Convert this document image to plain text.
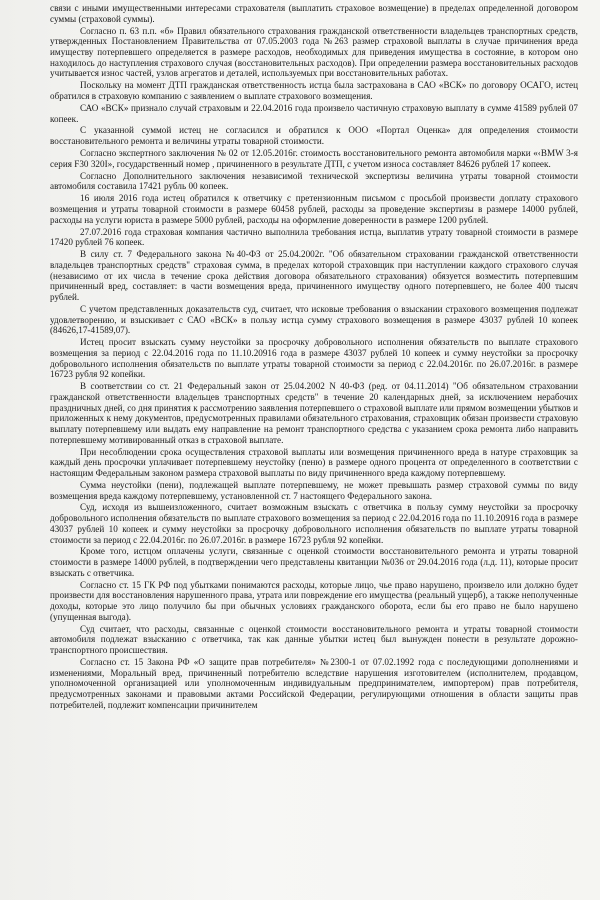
связи с иными имущественными интересами страхователя (выплатить страховое возмещение) в пределах определенной договором суммы (страховой суммы).

Согласно п. 63 п.п. «б» Правил обязательного страхования гражданской ответственности владельцев транспортных средств, утвержденных Постановлением Правительства от 07.05.2003 года №263 размер страховой выплаты в случае причинения вреда имуществу потерпевшего определяется в размере расходов, необходимых для приведения имущества в состояние, в котором оно находилось до наступления страхового случая (восстановительных расходов). При определении размера восстановительных расходов учитывается износ частей, узлов агрегатов и деталей, используемых при восстановительных работах.

Поскольку на момент ДТП гражданская ответственность истца была застрахована в САО «ВСК» по договору ОСАГО, истец обратился в страховую компанию с заявлением о выплате страхового возмещения.

САО «ВСК» признало случай страховым и 22.04.2016 года произвело частичную страховую выплату в сумме 41589 рублей 07 копеек.

С указанной суммой истец не согласился и обратился к ООО «Портал Оценка» для определения стоимости восстановительного ремонта и величины утраты товарной стоимости.

Согласно экспертного заключения № 02 от 12.05.2016г. стоимость восстановительного ремонта автомобиля марки «‹BMW 3-я серия F30 320I», государственный номер , причиненного в результате ДТП, с учетом износа составляет 84626 рублей 17 копеек.

Согласно Дополнительного заключения независимой технической экспертизы величина утраты товарной стоимости автомобиля составила 17421 рубль 00 копеек.

16 июля 2016 года истец обратился к ответчику с претензионным письмом с просьбой произвести доплату страхового возмещения и утраты товарной стоимости в размере 60458 рублей, расходы за проведение экспертизы в размере 14000 рублей, расходы на услуги юриста в размере 5000 рублей, расходы на оформление доверенности в размере 1200 рублей.

27.07.2016 года страховая компания частично выполнила требования истца, выплатив утрату товарной стоимости в размере 17420 рублей 76 копеек.

В силу ст. 7 Федерального закона №40-ФЗ от 25.04.2002г. "Об обязательном страховании гражданской ответственности владельцев транспортных средств" страховая сумма, в пределах которой страховщик при наступлении каждого страхового случая (независимо от их числа в течение срока действия договора обязательного страхования) обязуется возместить потерпевшим причиненный вред, составляет: в части возмещения вреда, причиненного имуществу одного потерпевшего, не более 400 тысяч рублей.

С учетом представленных доказательств суд, считает, что исковые требования о взыскании страхового возмещения подлежат удовлетворению, и взыскивает с САО «ВСК» в пользу истца сумму страхового возмещения в размере 43037 рублей 10 копеек (84626,17-41589,07).

Истец просит взыскать сумму неустойки за просрочку добровольного исполнения обязательств по выплате страхового возмещения за период с 22.04.2016 года по 11.10.20916 года в размере 43037 рублей 10 копеек и сумму неустойки за просрочку добровольного исполнения обязательств по выплате утраты товарной стоимости за период с 22.04.2016г. по 26.07.2016г. в размере 16723 рубля 92 копейки.

В соответствии со ст. 21 Федеральный закон от 25.04.2002 N 40-ФЗ (ред. от 04.11.2014) "Об обязательном страховании гражданской ответственности владельцев транспортных средств" в течение 20 календарных дней, за исключением нерабочих праздничных дней, со дня принятия к рассмотрению заявления потерпевшего о страховой выплате или прямом возмещении убытков и приложенных к нему документов, предусмотренных правилами обязательного страхования, страховщик обязан произвести страховую выплату потерпевшему или выдать ему направление на ремонт транспортного средства с указанием срока ремонта либо направить потерпевшему мотивированный отказ в страховой выплате.

При несоблюдении срока осуществления страховой выплаты или возмещения причиненного вреда в натуре страховщик за каждый день просрочки уплачивает потерпевшему неустойку (пеню) в размере одного процента от определенного в соответствии с настоящим Федеральным законом размера страховой выплаты по виду причиненного вреда каждому потерпевшему.

Сумма неустойки (пени), подлежащей выплате потерпевшему, не может превышать размер страховой суммы по виду возмещения вреда каждому потерпевшему, установленной ст. 7 настоящего Федерального закона.

Суд, исходя из вышеизложенного, считает возможным взыскать с ответчика в пользу сумму неустойки за просрочку добровольного исполнения обязательств по выплате страхового возмещения за период с 22.04.2016 года по 11.10.20916 года в размере 43037 рублей 10 копеек и сумму неустойки за просрочку добровольного исполнения обязательств по выплате утраты товарной стоимости за период с 22.04.2016г. по 26.07.2016г. в размере 16723 рубля 92 копейки.

Кроме того, истцом оплачены услуги, связанные с оценкой стоимости восстановительного ремонта и утраты товарной стоимости в размере 14000 рублей, в подтверждении чего представлены квитанции №036 от 29.04.2016 года (л.д. 11), которые просит взыскать с ответчика.

Согласно ст. 15 ГК РФ под убытками понимаются расходы, которые лицо, чье право нарушено, произвело или должно будет произвести для восстановления нарушенного права, утрата или повреждение его имущества (реальный ущерб), а также неполученные доходы, которые это лицо получило бы при обычных условиях гражданского оборота, если бы его право не было нарушено (упущенная выгода).

Суд считает, что расходы, связанные с оценкой стоимости восстановительного ремонта и утраты товарной стоимости автомобиля подлежат взысканию с ответчика, так как данные убытки истец был вынужден понести в результате дорожно-транспортного происшествия.

Согласно ст. 15 Закона РФ «О защите прав потребителя» №2300-1 от 07.02.1992 года с последующими дополнениями и изменениями, Моральный вред, причиненный потребителю вследствие нарушения изготовителем (исполнителем, продавцом, уполномоченной организацией или уполномоченным индивидуальным предпринимателем, импортером) прав потребителя, предусмотренных законами и правовыми актами Российской Федерации, регулирующими отношения в области защиты прав потребителей, подлежит компенсации причинителем
